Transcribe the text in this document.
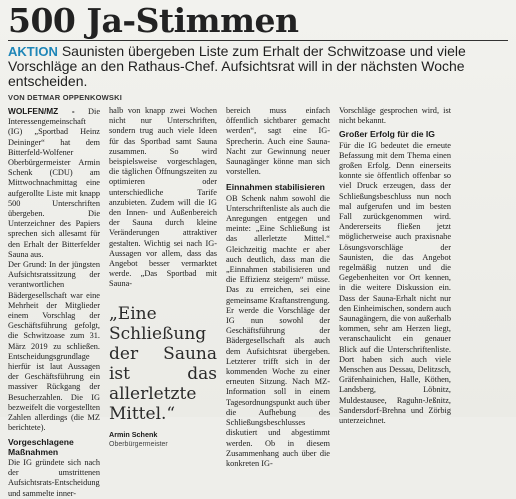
500 Ja-Stimmen
AKTION Saunisten übergeben Liste zum Erhalt der Schwitzoase und viele Vorschläge an den Rathaus-Chef. Aufsichtsrat will in der nächsten Woche entscheiden.
VON DETMAR OPPENKOWSKI

WOLFEN/MZ - Die Interessengemeinschaft (IG) „Sportbad Heinz Deininger“ hat dem Bitterfeld-Wolfener Oberbürgermeister Armin Schenk (CDU) am Mittwochnachmittag eine aufgerollte Liste mit knapp 500 Unterschriften übergeben. Die Unterzeichner des Papiers sprechen sich allesamt für den Erhalt der Bitterfelder Sauna aus.

Der Grund: In der jüngsten Aufsichtsratssitzung der verantwortlichen Bädergesellschaft war eine Mehrheit der Mitglieder einem Vorschlag der Geschäftsführung gefolgt, die Schwitzoase zum 31. März 2019 zu schließen. Entscheidungsgrundlage hierfür ist laut Aussagen der Geschäftsführung ein massiver Rückgang der Besucherzahlen. Die IG bezweifelt die vorgestellten Zahlen allerdings (die MZ berichtete).

Vorgeschlagene Maßnahmen

Die IG gründete sich nach der umstrittenen Aufsichtsrats-Entscheidung und sammelte inner-

halb von knapp zwei Wochen nicht nur Unterschriften, sondern trug auch viele Ideen für das Sportbad samt Sauna zusammen. So wird beispielsweise vorgeschlagen, die täglichen Öffnungszeiten zu optimieren oder unterschiedliche Tarife anzubieten. Zudem will die IG den Innen- und Außenbereich der Sauna durch kleine Veränderungen attraktiver gestalten. Wichtig sei nach IG-Aussagen vor allem, dass das Angebot besser vermarktet werde. „Das Sportbad mit Sauna-

„Eine Schließung der Sauna ist das allerletzte Mittel.“
Armin Schenk
Oberbürgermeister

bereich muss einfach öffentlich sichtbarer gemacht werden“, sagt eine IG-Sprecherin. Auch eine Sauna-Nacht zur Gewinnung neuer Saunagänger könne man sich vorstellen.

Einnahmen stabilisieren

OB Schenk nahm sowohl die Unterschriftenliste als auch die Anregungen entgegen und meinte: „Eine Schließung ist das allerletzte Mittel.“ Gleichzeitig machte er aber auch deutlich, dass man die „Einnahmen stabilisieren und die Effizienz steigern“ müsse. Das zu erreichen, sei eine gemeinsame Kraftanstrengung.

Er werde die Vorschläge der IG nun sowohl der Geschäftsführung der Bädergesellschaft als auch dem Aufsichtsrat übergeben. Letzterer trifft sich in der kommenden Woche zu einer erneuten Sitzung. Nach MZ-Information soll in einem Tagesordnungspunkt auch über die Aufhebung des Schließungsbeschlusses diskutiert und abgestimmt werden. Ob in diesem Zusammenhang auch über die konkreten IG-

Vorschläge gesprochen wird, ist nicht bekannt.

Großer Erfolg für die IG

Für die IG bedeutet die erneute Befassung mit dem Thema einen großen Erfolg. Denn einerseits konnte sie öffentlich offenbar so viel Druck erzeugen, dass der Schließungsbeschluss nun noch mal aufgerufen und im besten Fall zurückgenommen wird. Andererseits fließen jetzt möglicherweise auch praxisnahe Lösungsvorschläge der Saunisten, die das Angebot regelmäßig nutzen und die Gegebenheiten vor Ort kennen, in die weitere Diskussion ein. Dass der Sauna-Erhalt nicht nur den Einheimischen, sondern auch Saunagängern, die von außerhalb kommen, sehr am Herzen liegt, veranschaulicht ein genauer Blick auf die Unterschriftenliste. Dort haben sich auch viele Menschen aus Dessau, Delitzsch, Gräfenhainichen, Halle, Köthen, Landsberg, Löbnitz, Muldestausee, Raguhn-Jeßnitz, Sandersdorf-Brehna und Zörbig unterzeichnet.
